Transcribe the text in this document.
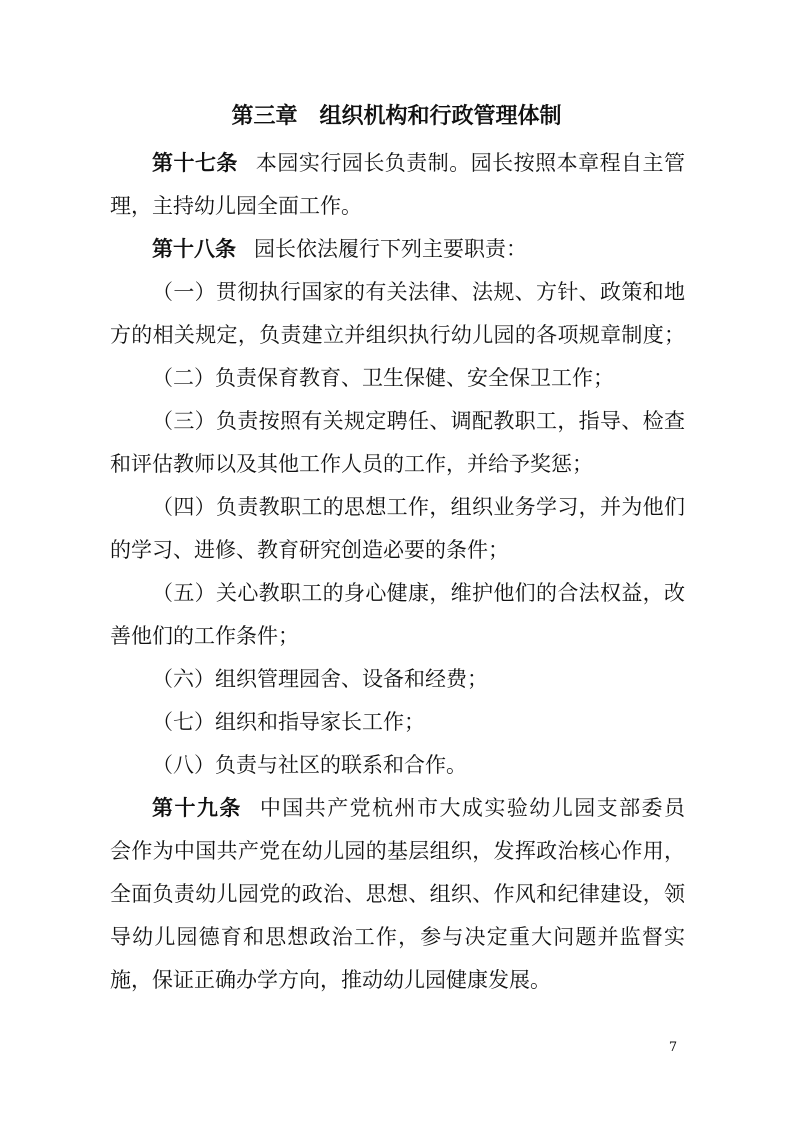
第三章　组织机构和行政管理体制
第十七条 本园实行园长负责制。园长按照本章程自主管
理，主持幼儿园全面工作。
第十八条 园长依法履行下列主要职责：
（一）贯彻执行国家的有关法律、法规、方针、政策和地
方的相关规定，负责建立并组织执行幼儿园的各项规章制度；
（二）负责保育教育、卫生保健、安全保卫工作；
（三）负责按照有关规定聘任、调配教职工，指导、检查
和评估教师以及其他工作人员的工作，并给予奖惩；
（四）负责教职工的思想工作，组织业务学习，并为他们
的学习、进修、教育研究创造必要的条件；
（五）关心教职工的身心健康，维护他们的合法权益，改
善他们的工作条件；
（六）组织管理园舍、设备和经费；
（七）组织和指导家长工作；
（八）负责与社区的联系和合作。
第十九条 中国共产党杭州市大成实验幼儿园支部委员
会作为中国共产党在幼儿园的基层组织，发挥政治核心作用，
全面负责幼儿园党的政治、思想、组织、作风和纪律建设，领
导幼儿园德育和思想政治工作，参与决定重大问题并监督实
施，保证正确办学方向，推动幼儿园健康发展。
7
